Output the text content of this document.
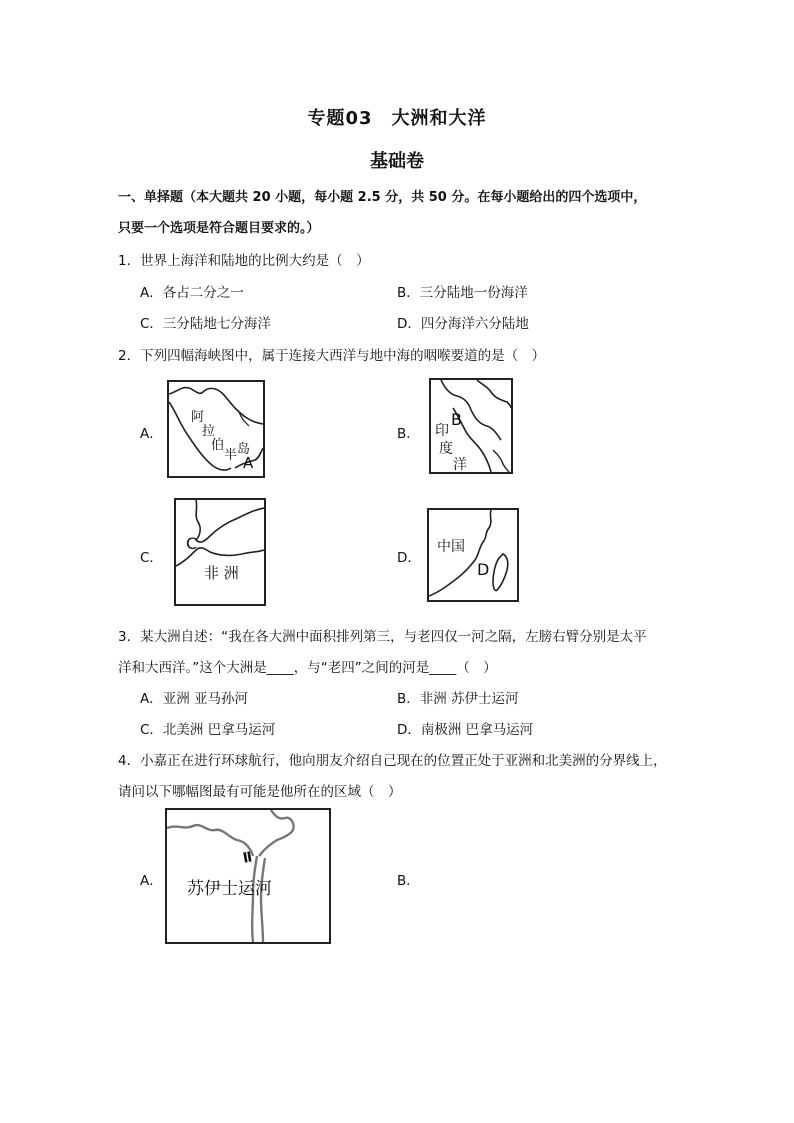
专题03　大洲和大洋
基础卷
一、单择题（本大题共 20 小题，每小题 2.5 分，共 50 分。在每小题给出的四个选项中，
只要一个选项是符合题目要求的。）
1．世界上海洋和陆地的比例大约是（　）
A．各占二分之一	B．三分陆地一份海洋
C．三分陆地七分海洋	D．四分海洋六分陆地
2．下列四幅海峡图中，属于连接大西洋与地中海的咽喉要道的是（　）
A．
阿
拉
伯
半 岛
A
B．
B
印
度
洋
C．
C
非 洲
D．
中国
D
3．某大洲自述：“我在各大洲中面积排列第三，与老四仅一河之隔，左膀右臂分别是太平
洋和大西洋。”这个大洲是____，与“老四”之间的河是____（　）
A．亚洲 亚马孙河	B．非洲 苏伊士运河
C．北美洲 巴拿马运河	D．南极洲 巴拿马运河
4．小嘉正在进行环球航行，他向朋友介绍自己现在的位置正处于亚洲和北美洲的分界线上，
请问以下哪幅图最有可能是他所在的区域（　）
A．
Ⅱ
苏伊士运河	B．
